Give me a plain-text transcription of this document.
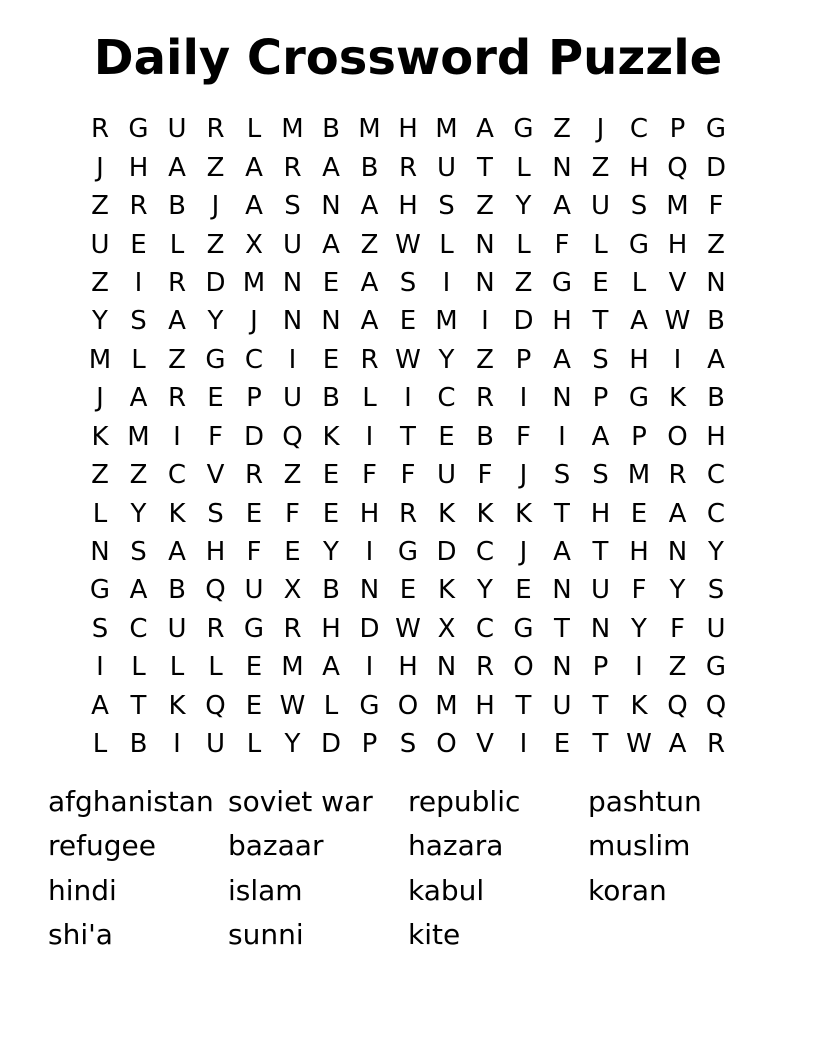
Daily Crossword Puzzle
R G U R L M B M H M A G Z J C P G
J H A Z A R A B R U T L N Z H Q D
Z R B J A S N A H S Z Y A U S M F
U E L Z X U A Z W L N L F L G H Z
Z I R D M N E A S	I N Z G E L V N
Y S A Y	J N N A E M I D H T A W B
M L Z G C I	E R W Y Z P A S H I A
J A R E P U B L	I C R I N P G K B
K M I	F D Q K	I	T E B F	I A P O H
Z Z C V R Z E F F U F	J	S S M R C
L Y K S E F E H R K K K T H E A C
N S A H F E Y	I G D C J A T H N Y
G A B Q U X B N E K Y E N U F Y S
S C U R G R H D W X C G T N Y F U
I	L L L E M A I H N R O N P	I Z G
A T K Q E W L G O M H T U T K Q Q
L B I U L Y D P S O V I	E T W A R
afghanistan
refugee
hindi
shi'a
soviet war
bazaar
islam
sunni
republic
hazara
kabul
kite
pashtun
muslim
koran
